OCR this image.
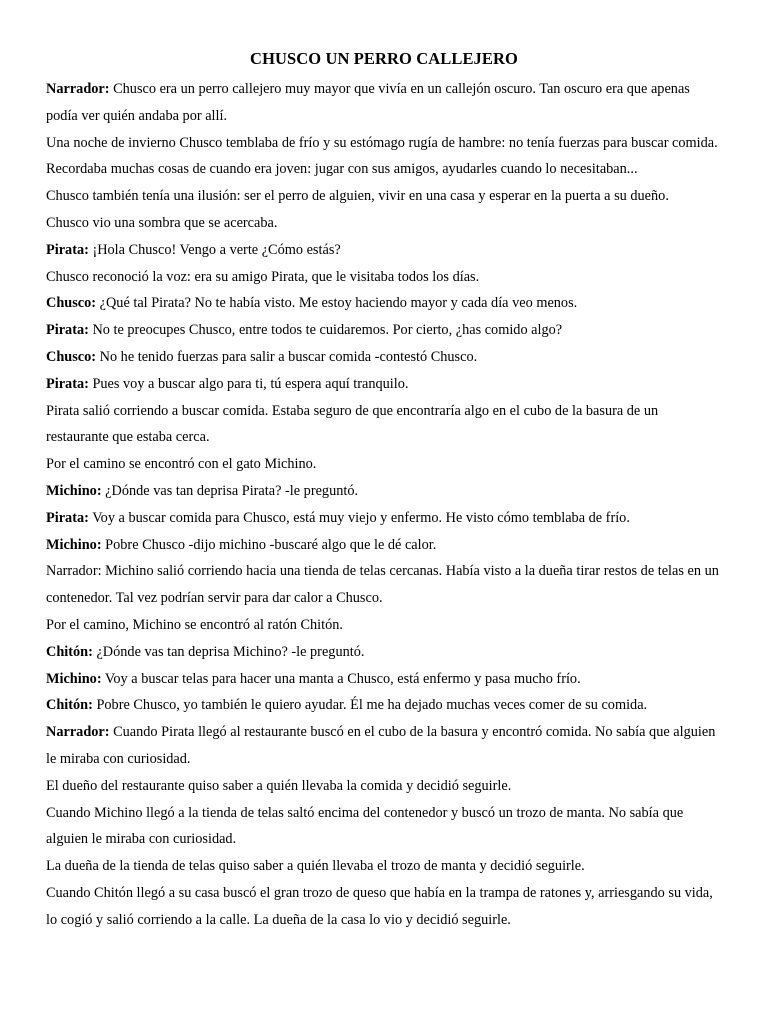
CHUSCO UN PERRO CALLEJERO

Narrador: Chusco era un perro callejero muy mayor que vivía en un callejón oscuro. Tan oscuro era que apenas podía ver quién andaba por allí.

Una noche de invierno Chusco temblaba de frío y su estómago rugía de hambre: no tenía fuerzas para buscar comida.

Recordaba muchas cosas de cuando era joven: jugar con sus amigos, ayudarles cuando lo necesitaban...

Chusco también tenía una ilusión: ser el perro de alguien, vivir en una casa y esperar en la puerta a su dueño.

Chusco vio una sombra que se acercaba.

Pirata: ¡Hola Chusco! Vengo a verte ¿Cómo estás?

Chusco reconoció la voz: era su amigo Pirata, que le visitaba todos los días.

Chusco: ¿Qué tal Pirata? No te había visto. Me estoy haciendo mayor y cada día veo menos.

Pirata: No te preocupes Chusco, entre todos te cuidaremos. Por cierto, ¿has comido algo?

Chusco: No he tenido fuerzas para salir a buscar comida -contestó Chusco.

Pirata: Pues voy a buscar algo para ti, tú espera aquí tranquilo.

Pirata salió corriendo a buscar comida. Estaba seguro de que encontraría algo en el cubo de la basura de un restaurante que estaba cerca.

Por el camino se encontró con el gato Michino.

Michino: ¿Dónde vas tan deprisa Pirata? -le preguntó.

Pirata: Voy a buscar comida para Chusco, está muy viejo y enfermo. He visto cómo temblaba de frío.

Michino: Pobre Chusco -dijo michino -buscaré algo que le dé calor.

Narrador: Michino salió corriendo hacia una tienda de telas cercanas. Había visto a la dueña tirar restos de telas en un contenedor. Tal vez podrían servir para dar calor a Chusco.

Por el camino, Michino se encontró al ratón Chitón.

Chitón: ¿Dónde vas tan deprisa Michino? -le preguntó.

Michino: Voy a buscar telas para hacer una manta a Chusco, está enfermo y pasa mucho frío.

Chitón: Pobre Chusco, yo también le quiero ayudar. Él me ha dejado muchas veces comer de su comida.

Narrador: Cuando Pirata llegó al restaurante buscó en el cubo de la basura y encontró comida. No sabía que alguien le miraba con curiosidad.

El dueño del restaurante quiso saber a quién llevaba la comida y decidió seguirle.

Cuando Michino llegó a la tienda de telas saltó encima del contenedor y buscó un trozo de manta. No sabía que alguien le miraba con curiosidad.

La dueña de la tienda de telas quiso saber a quién llevaba el trozo de manta y decidió seguirle.

Cuando Chitón llegó a su casa buscó el gran trozo de queso que había en la trampa de ratones y, arriesgando su vida, lo cogió y salió corriendo a la calle. La dueña de la casa lo vio y decidió seguirle.
